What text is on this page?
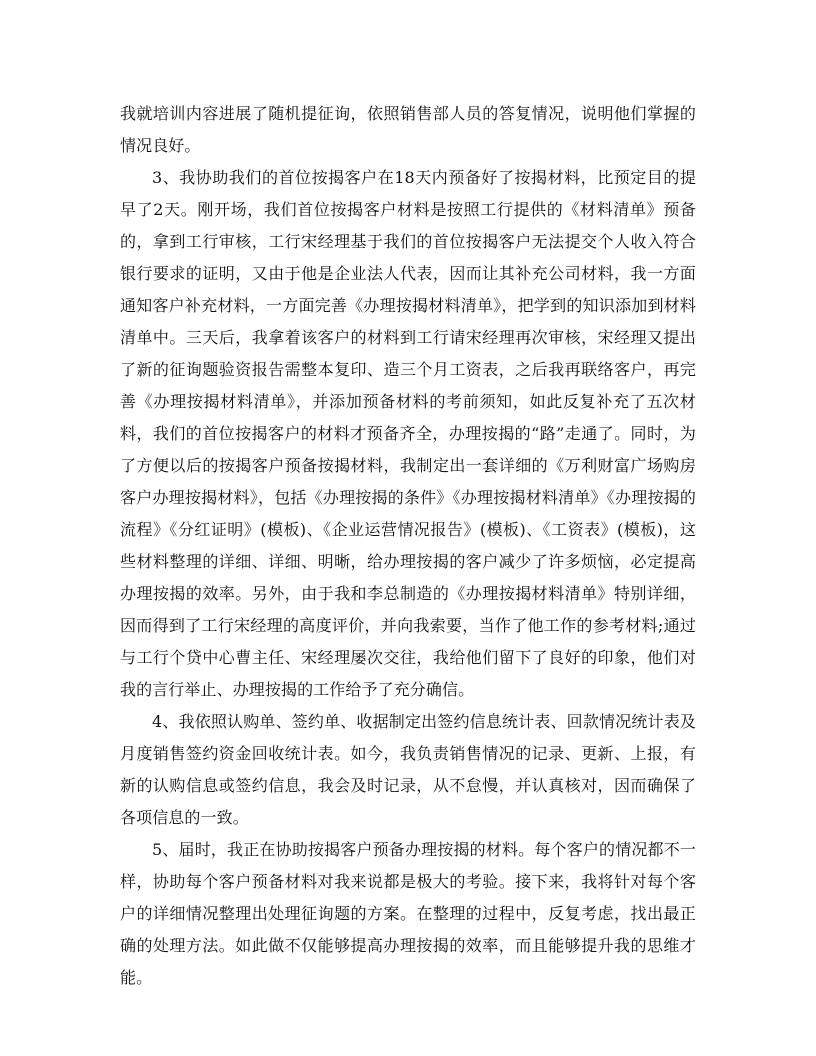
我就培训内容进展了随机提征询，依照销售部人员的答复情况，说明他们掌握的情况良好。

3、我协助我们的首位按揭客户在18天内预备好了按揭材料，比预定目的提早了2天。刚开场，我们首位按揭客户材料是按照工行提供的《材料清单》预备的，拿到工行审核，工行宋经理基于我们的首位按揭客户无法提交个人收入符合银行要求的证明，又由于他是企业法人代表，因而让其补充公司材料，我一方面通知客户补充材料，一方面完善《办理按揭材料清单》，把学到的知识添加到材料清单中。三天后，我拿着该客户的材料到工行请宋经理再次审核，宋经理又提出了新的征询题验资报告需整本复印、造三个月工资表，之后我再联络客户，再完善《办理按揭材料清单》，并添加预备材料的考前须知，如此反复补充了五次材料，我们的首位按揭客户的材料才预备齐全，办理按揭的“路”走通了。同时，为了方便以后的按揭客户预备按揭材料，我制定出一套详细的《万利财富广场购房客户办理按揭材料》，包括《办理按揭的条件》《办理按揭材料清单》《办理按揭的流程》《分红证明》(模板)、《企业运营情况报告》(模板)、《工资表》(模板)，这些材料整理的详细、详细、明晰，给办理按揭的客户减少了许多烦恼，必定提高办理按揭的效率。另外，由于我和李总制造的《办理按揭材料清单》特别详细，因而得到了工行宋经理的高度评价，并向我索要，当作了他工作的参考材料;通过与工行个贷中心曹主任、宋经理屡次交往，我给他们留下了良好的印象，他们对我的言行举止、办理按揭的工作给予了充分确信。

4、我依照认购单、签约单、收据制定出签约信息统计表、回款情况统计表及月度销售签约资金回收统计表。如今，我负责销售情况的记录、更新、上报，有新的认购信息或签约信息，我会及时记录，从不怠慢，并认真核对，因而确保了各项信息的一致。

5、届时，我正在协助按揭客户预备办理按揭的材料。每个客户的情况都不一样，协助每个客户预备材料对我来说都是极大的考验。接下来，我将针对每个客户的详细情况整理出处理征询题的方案。在整理的过程中，反复考虑，找出最正确的处理方法。如此做不仅能够提高办理按揭的效率，而且能够提升我的思维才能。
